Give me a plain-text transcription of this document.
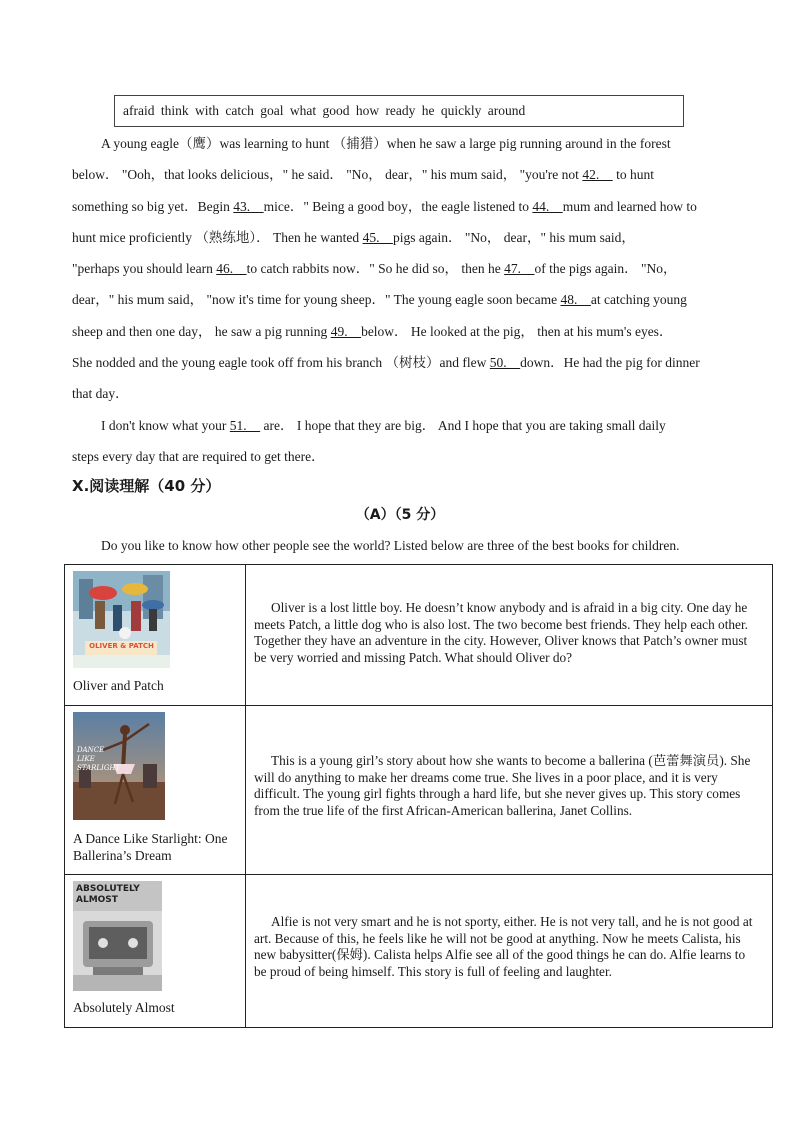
afraid think with catch goal what good how ready he quickly around
A young eagle（鹰）was learning to hunt （捕猎）when he saw a large pig running around in the forest
below． "Ooh，that looks delicious，" he said． "No， dear，" his mum said， "you're not 42.　 to hunt
something so big yet．Begin 43.　mice．" Being a good boy，the eagle listened to 44.　mum and learned how to
hunt mice proficiently （熟练地）． Then he wanted 45.　pigs again． "No， dear，" his mum said，
"perhaps you should learn 46.　to catch rabbits now．" So he did so， then he 47.　of the pigs again． "No，
dear，" his mum said， "now it's time for young sheep．" The young eagle soon became 48.　at catching young
sheep and then one day， he saw a pig running 49.　below． He looked at the pig， then at his mum's eyes．
She nodded and the young eagle took off from his branch （树枝）and flew 50.　down．He had the pig for dinner
that day．
I don't know what your 51.　 are． I hope that they are big． And I hope that you are taking small daily
steps every day that are required to get there．
X.阅读理解（40 分）
（A）（5 分）
Do you like to know how other people see the world? Listed below are three of the best books for children.
OLIVER & PATCH
Oliver and Patch	Oliver is a lost little boy. He doesn’t know anybody and is afraid in a big city. One day he meets Patch, a little dog who is also lost. The two become best friends. They help each other. Together they have an adventure in the city. However, Oliver knows that Patch’s owner must be very worried and missing Patch. What should Oliver do?

DANCE LIKE STARLIGHT
A Dance Like Starlight: One Ballerina’s Dream	This is a young girl’s story about how she wants to become a ballerina (芭蕾舞演员). She will do anything to make her dreams come true. She lives in a poor place, and it is very difficult. The young girl fights through a hard life, but she never gives up. This story comes from the true life of the first African-American ballerina, Janet Collins.

ABSOLUTELY ALMOST
Absolutely Almost	Alfie is not very smart and he is not sporty, either. He is not very tall, and he is not good at art. Because of this, he feels like he will not be good at anything. Now he meets Calista, his new babysitter(保姆). Calista helps Alfie see all of the good things he can do. Alfie learns to be proud of being himself. This story is full of feeling and laughter.
